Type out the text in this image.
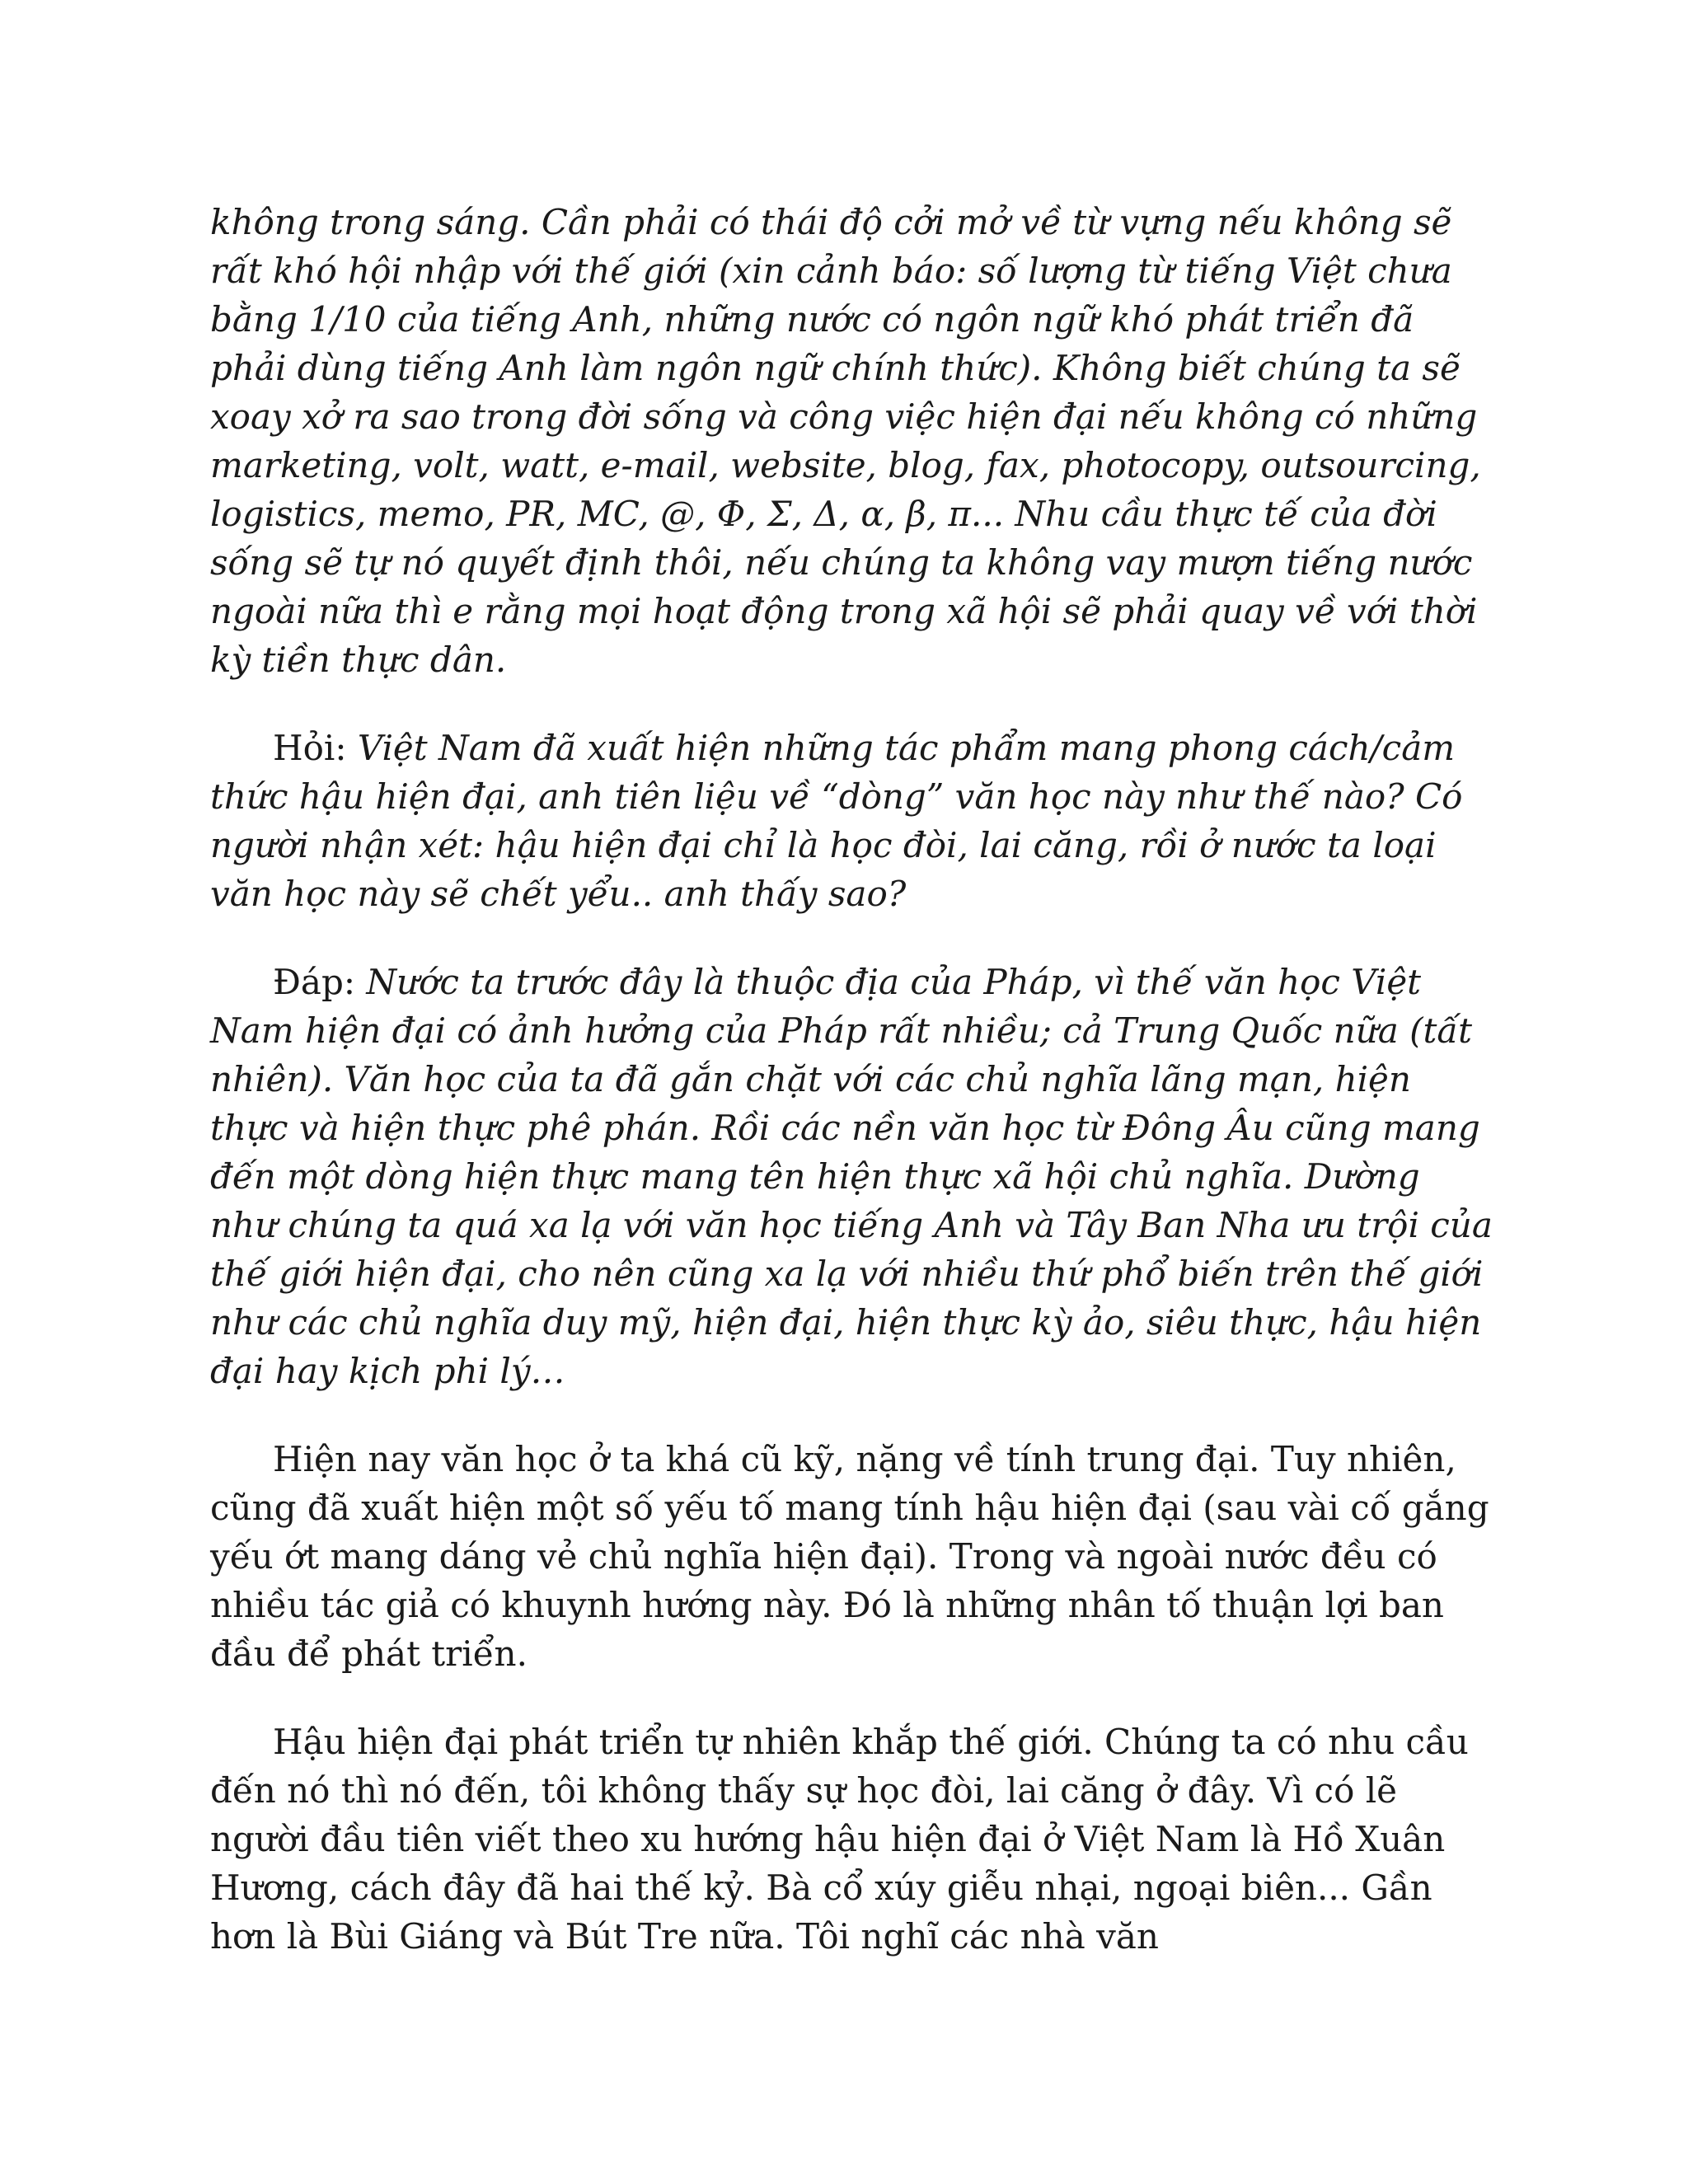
không trong sáng. Cần phải có thái độ cởi mở về từ vựng nếu không sẽ rất khó hội nhập với thế giới (xin cảnh báo: số lượng từ tiếng Việt chưa bằng 1/10 của tiếng Anh, những nước có ngôn ngữ khó phát triển đã phải dùng tiếng Anh làm ngôn ngữ chính thức). Không biết chúng ta sẽ xoay xở ra sao trong đời sống và công việc hiện đại nếu không có những marketing, volt, watt, e-mail, website, blog, fax, photocopy, outsourcing, logistics, memo, PR, MC, @, Φ, Σ, Δ, α, β, π... Nhu cầu thực tế của đời sống sẽ tự nó quyết định thôi, nếu chúng ta không vay mượn tiếng nước ngoài nữa thì e rằng mọi hoạt động trong xã hội sẽ phải quay về với thời kỳ tiền thực dân.

Hỏi: Việt Nam đã xuất hiện những tác phẩm mang phong cách/cảm thức hậu hiện đại, anh tiên liệu về “dòng” văn học này như thế nào? Có người nhận xét: hậu hiện đại chỉ là học đòi, lai căng, rồi ở nước ta loại văn học này sẽ chết yểu.. anh thấy sao?

Đáp: Nước ta trước đây là thuộc địa của Pháp, vì thế văn học Việt Nam hiện đại có ảnh hưởng của Pháp rất nhiều; cả Trung Quốc nữa (tất nhiên). Văn học của ta đã gắn chặt với các chủ nghĩa lãng mạn, hiện thực và hiện thực phê phán. Rồi các nền văn học từ Đông Âu cũng mang đến một dòng hiện thực mang tên hiện thực xã hội chủ nghĩa. Dường như chúng ta quá xa lạ với văn học tiếng Anh và Tây Ban Nha ưu trội của thế giới hiện đại, cho nên cũng xa lạ với nhiều thứ phổ biến trên thế giới như các chủ nghĩa duy mỹ, hiện đại, hiện thực kỳ ảo, siêu thực, hậu hiện đại hay kịch phi lý…

Hiện nay văn học ở ta khá cũ kỹ, nặng về tính trung đại. Tuy nhiên, cũng đã xuất hiện một số yếu tố mang tính hậu hiện đại (sau vài cố gắng yếu ớt mang dáng vẻ chủ nghĩa hiện đại). Trong và ngoài nước đều có nhiều tác giả có khuynh hướng này. Đó là những nhân tố thuận lợi ban đầu để phát triển.

Hậu hiện đại phát triển tự nhiên khắp thế giới. Chúng ta có nhu cầu đến nó thì nó đến, tôi không thấy sự học đòi, lai căng ở đây. Vì có lẽ người đầu tiên viết theo xu hướng hậu hiện đại ở Việt Nam là Hồ Xuân Hương, cách đây đã hai thế kỷ. Bà cổ xúy giễu nhại, ngoại biên... Gần hơn là Bùi Giáng và Bút Tre nữa. Tôi nghĩ các nhà văn
